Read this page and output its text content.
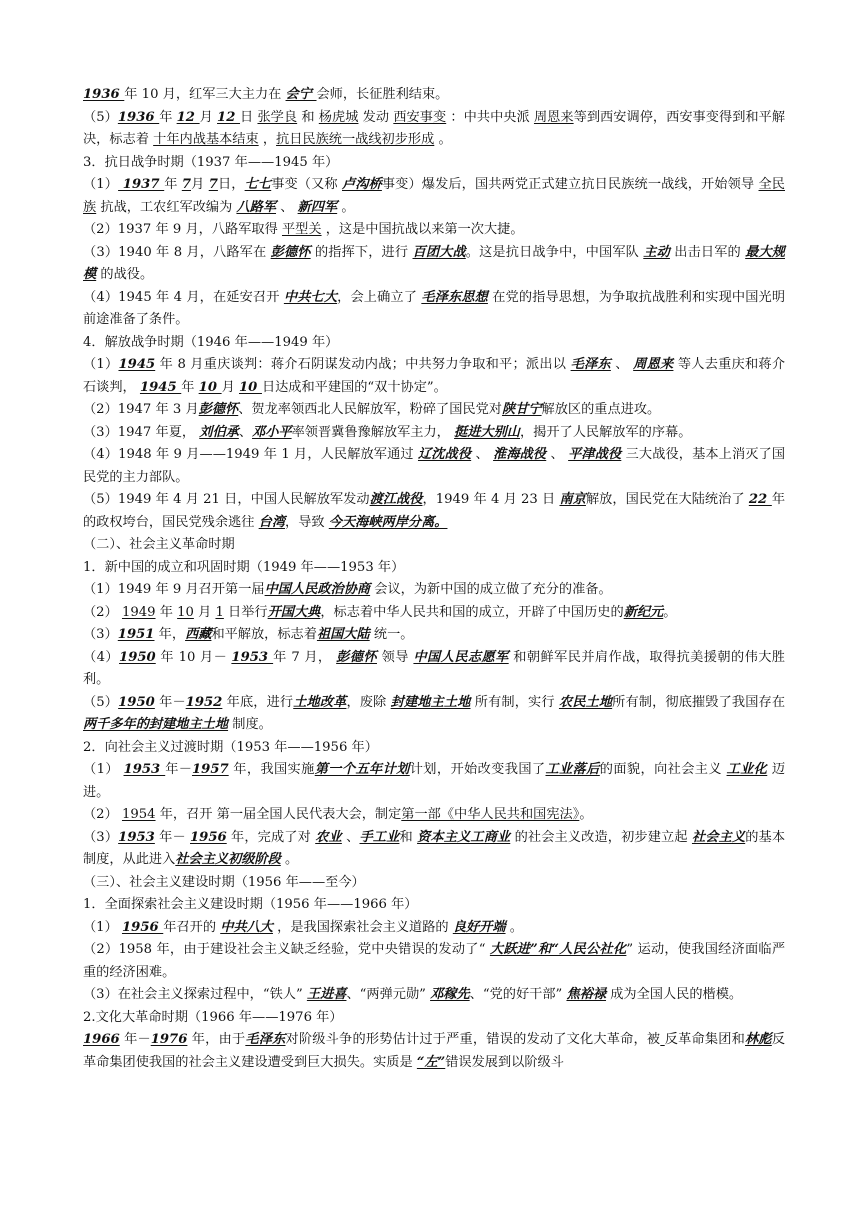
1936 年 10 月，红军三大主力在 会宁 会师，长征胜利结束。
（5）1936 年 12 月 12 日 张学良 和 杨虎城 发动 西安事变 ：中共中央派 周恩来等到西安调停，西安事变得到和平解决，标志着 十年内战基本结束 ，抗日民族统一战线初步形成 。
3．抗日战争时期（1937 年——1945 年）
（1） 1937 年 7月 7日，七七事变（又称 卢沟桥事变）爆发后，国共两党正式建立抗日民族统一战线，开始领导 全民族 抗战，工农红军改编为 八路军 、 新四军 。
（2）1937 年 9 月，八路军取得 平型关 ，这是中国抗战以来第一次大捷。
（3）1940 年 8 月，八路军在 彭德怀 的指挥下，进行 百团大战。这是抗日战争中，中国军队 主动 出击日军的 最大规模 的战役。
（4）1945 年 4 月，在延安召开 中共七大，会上确立了 毛泽东思想 在党的指导思想，为争取抗战胜利和实现中国光明前途准备了条件。
4．解放战争时期（1946 年——1949 年）
（1）1945 年 8 月重庆谈判：蒋介石阴谋发动内战；中共努力争取和平；派出以 毛泽东 、 周恩来 等人去重庆和蒋介石谈判， 1945 年 10 月 10 日达成和平建国的“双十协定”。
（2）1947 年 3 月彭德怀、贺龙率领西北人民解放军，粉碎了国民党对陕甘宁解放区的重点进攻。
（3）1947 年夏， 刘伯承、邓小平率领晋冀鲁豫解放军主力， 挺进大别山，揭开了人民解放军的序幕。
（4）1948 年 9 月——1949 年 1 月，人民解放军通过 辽沈战役 、 淮海战役 、 平津战役 三大战役，基本上消灭了国民党的主力部队。
（5）1949 年 4 月 21 日，中国人民解放军发动渡江战役，1949 年 4 月 23 日 南京解放，国民党在大陆统治了 22 年的政权垮台，国民党残余逃往 台湾，导致 今天海峡两岸分离。
（二）、社会主义革命时期
1．新中国的成立和巩固时期（1949 年——1953 年）
（1）1949 年 9 月召开第一届中国人民政治协商 会议，为新中国的成立做了充分的准备。
（2） 1949 年 10 月 1 日举行开国大典，标志着中华人民共和国的成立，开辟了中国历史的新纪元。
（3）1951 年，西藏和平解放，标志着祖国大陆 统一。
（4）1950 年 10 月－ 1953 年 7 月， 彭德怀 领导 中国人民志愿军 和朝鲜军民并肩作战，取得抗美援朝的伟大胜利。
（5）1950 年－1952 年底，进行土地改革，废除 封建地主土地 所有制，实行 农民土地所有制，彻底摧毁了我国存在 两千多年的封建地主土地 制度。
2．向社会主义过渡时期（1953 年——1956 年）
（1） 1953 年－1957 年，我国实施第一个五年计划计划，开始改变我国了工业落后的面貌，向社会主义 工业化 迈进。
（2） 1954 年，召开 第一届全国人民代表大会，制定第一部《中华人民共和国宪法》。
（3）1953 年－ 1956 年，完成了对 农业 、手工业和 资本主义工商业 的社会主义改造，初步建立起 社会主义的基本制度，从此进入社会主义初级阶段 。
（三）、社会主义建设时期（1956 年——至今）
1．全面探索社会主义建设时期（1956 年——1966 年）
（1） 1956 年召开的 中共八大 ，是我国探索社会主义道路的 良好开端 。
（2）1958 年，由于建设社会主义缺乏经验，党中央错误的发动了“ 大跃进”和“人民公社化” 运动，使我国经济面临严重的经济困难。
（3）在社会主义探索过程中，“铁人” 王进喜、“两弹元勋” 邓稼先、“党的好干部” 焦裕禄 成为全国人民的楷模。
2.文化大革命时期（1966 年——1976 年）
1966 年－1976 年，由于毛泽东对阶级斗争的形势估计过于严重，错误的发动了文化大革命，被 反革命集团和林彪反革命集团使我国的社会主义建设遭受到巨大损失。实质是 “左”错误发展到以阶级斗
